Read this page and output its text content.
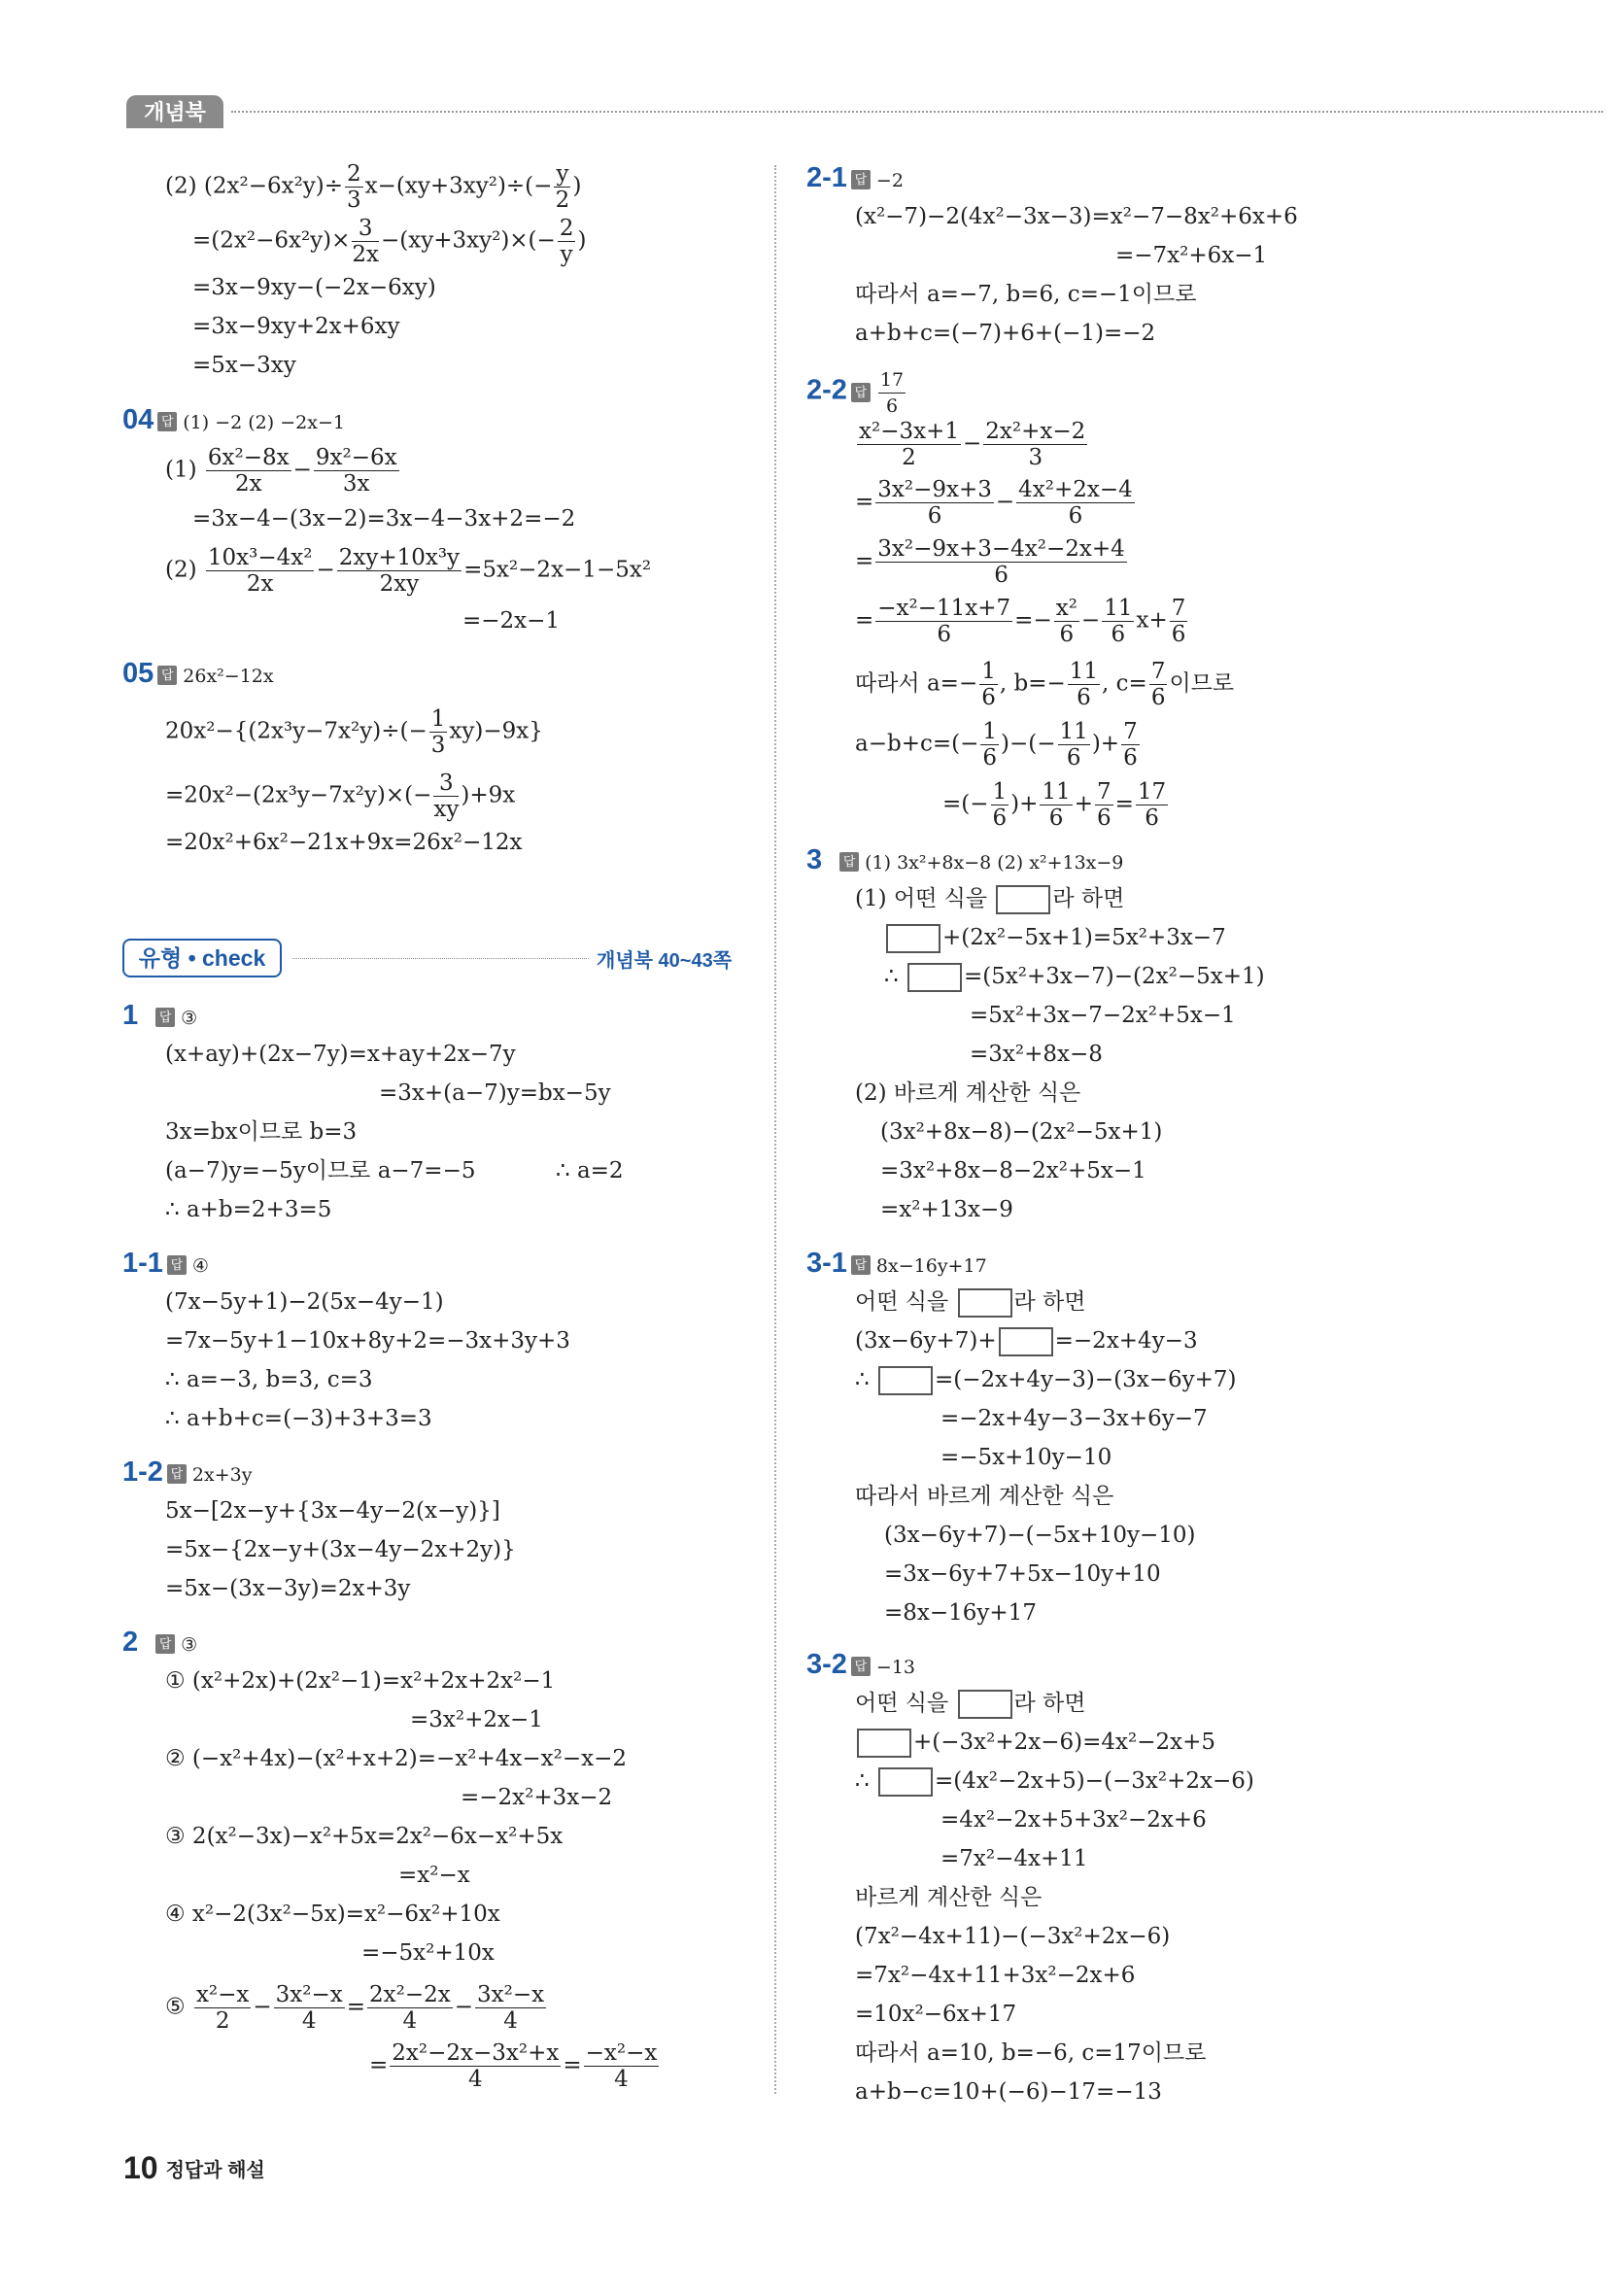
개념북
(2) $(2x^2-6x^2y)\div \frac{2}{3} x-(xy+3xy^2)\div(- \frac{y}{2}$ )
$=(2x^2-6x^2y)\times \frac{3}{2x} -(xy+3xy^2)\times(- \frac{2}{y}$ )
=3x−9xy−(−2x−6xy)
=3x−9xy+2x+6xy
=5x−3xy
04 답 (1) −2 (2) −2x−1
$(1) \frac{\text{6x²−8x}}{2x} - \frac{\text{9x²−6x}}{3x}$
=3x−4−(3x−2)=3x−4−3x+2=−2
$(2) \frac{\text{10x³−4x²}}{2x} - \frac{\text{2xy+10x³y}}{2xy} =5x^2-2x-1-5x^2$
=−2x−1
05 답 26x²−12x
$20x^2-\{(2x^3y-7x^2y)\div(- \frac{1}{3} xy)-9x\}$
$=20x^2-(2x^3y-7x^2y)\times(- \frac{3}{xy} )+9x$
=20x²+6x²−21x+9x=26x²−12x
유형 • check	개념북 40~43쪽
1 답 ③
(x+ay)+(2x−7y)=x+ay+2x−7y
=3x+(a−7)y=bx−5y
3x=bx이므로 b=3
(a−7)y=−5y이므로 a−7=−5	∴ a=2
∴ a+b=2+3=5
1-1 답 ④
(7x−5y+1)−2(5x−4y−1)
=7x−5y+1−10x+8y+2=−3x+3y+3
∴ a=−3, b=3, c=3
∴ a+b+c=(−3)+3+3=3
1-2 답 2x+3y
5x−[2x−y+{3x−4y−2(x−y)}]
=5x−{2x−y+(3x−4y−2x+2y)}
=5x−(3x−3y)=2x+3y
2 답 ③
① (x²+2x)+(2x²−1)=x²+2x+2x²−1
=3x²+2x−1
② (−x²+4x)−(x²+x+2)=−x²+4x−x²−x−2
=−2x²+3x−2
③ 2(x²−3x)−x²+5x=2x²−6x−x²+5x
=x²−x
④ x²−2(3x²−5x)=x²−6x²+10x
=−5x²+10x
⑤ $\frac{\text{x²−x}}{2} - \frac{\text{3x²−x}}{4} = \frac{\text{2x²−2x}}{4} - \frac{\text{3x²−x}}{4}$
= $\frac{\text{2x²−2x−3x²+x}}{4} = \frac{\text{−x²−x}}{4}$
2-1 답 −2
(x²−7)−2(4x²−3x−3)=x²−7−8x²+6x+6
=−7x²+6x−1
따라서 a=−7, b=6, c=−1이므로
a+b+c=(−7)+6+(−1)=−2
2-2 답 $\frac{17}{6}$
$\frac{\text{x²−3x+1}}{2} - \frac{\text{2x²+x−2}}{3}$
= $\frac{\text{3x²−9x+3}}{6} - \frac{\text{4x²+2x−4}}{6}$
= $\frac{\text{3x²−9x+3−4x²−2x+4}}{6}$
= $\frac{\text{−x²−11x+7}}{6} =- \frac{\text{x²}}{6} - \frac{11}{6} x+ \frac{7}{6}$
따라서 $a=- \frac{1}{6}$ , $b=- \frac{11}{6}$ , $c= \frac{7}{6}$ 이므로
$a-b+c=(- \frac{1}{6}$ )−(− $\frac{11}{6}$ )+ $\frac{7}{6}$
=(− $\frac{1}{6}$ )+ $\frac{11}{6} + \frac{7}{6} = \frac{17}{6}$
3 답 (1) 3x²+8x−8 (2) x²+13x−9
(1) 어떤 식을	라 하면
+(2x²−5x+1)=5x²+3x−7
∴	=(5x²+3x−7)−(2x²−5x+1)
=5x²+3x−7−2x²+5x−1
=3x²+8x−8
(2) 바르게 계산한 식은
(3x²+8x−8)−(2x²−5x+1)
=3x²+8x−8−2x²+5x−1
=x²+13x−9
3-1 답 8x−16y+17
어떤 식을	라 하면
(3x−6y+7)+	=−2x+4y−3
∴	=(−2x+4y−3)−(3x−6y+7)
=−2x+4y−3−3x+6y−7
=−5x+10y−10
따라서 바르게 계산한 식은
(3x−6y+7)−(−5x+10y−10)
=3x−6y+7+5x−10y+10
=8x−16y+17
3-2 답 −13
어떤 식을	라 하면
+(−3x²+2x−6)=4x²−2x+5
∴	=(4x²−2x+5)−(−3x²+2x−6)
=4x²−2x+5+3x²−2x+6
=7x²−4x+11
바르게 계산한 식은
(7x²−4x+11)−(−3x²+2x−6)
=7x²−4x+11+3x²−2x+6
=10x²−6x+17
따라서 a=10, b=−6, c=17이므로
a+b−c=10+(−6)−17=−13
10 정답과 해설
